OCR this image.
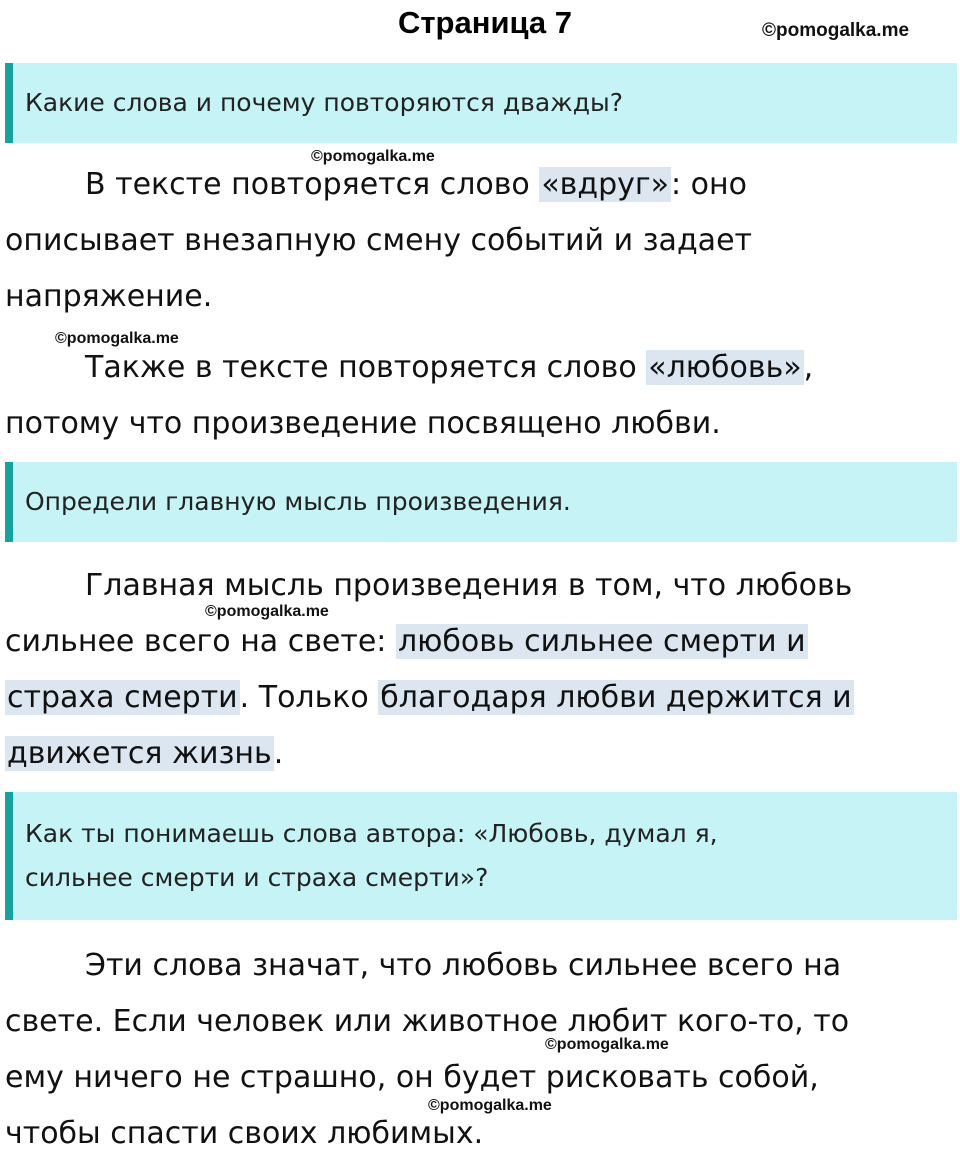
Страница 7	©pomogalka.me
Какие слова и почему повторяются дважды?
©pomogalka.me
В тексте повторяется слово «вдруг»: оно
описывает внезапную смену событий и задает
напряжение.
©pomogalka.me
Также в тексте повторяется слово «любовь»,
потому что произведение посвящено любви.
Определи главную мысль произведения.
Главная мысль произведения в том, что любовь
сильнее всего на свете: любовь сильнее смерти и
страха смерти. Только благодаря любви держится и
движется жизнь.
©pomogalka.me
Как ты понимаешь слова автора: «Любовь, думал я,
сильнее смерти и страха смерти»?
Эти слова значат, что любовь сильнее всего на
свете. Если человек или животное любит кого-то, то
ему ничего не страшно, он будет рисковать собой,
чтобы спасти своих любимых.
©pomogalka.me
©pomogalka.me
